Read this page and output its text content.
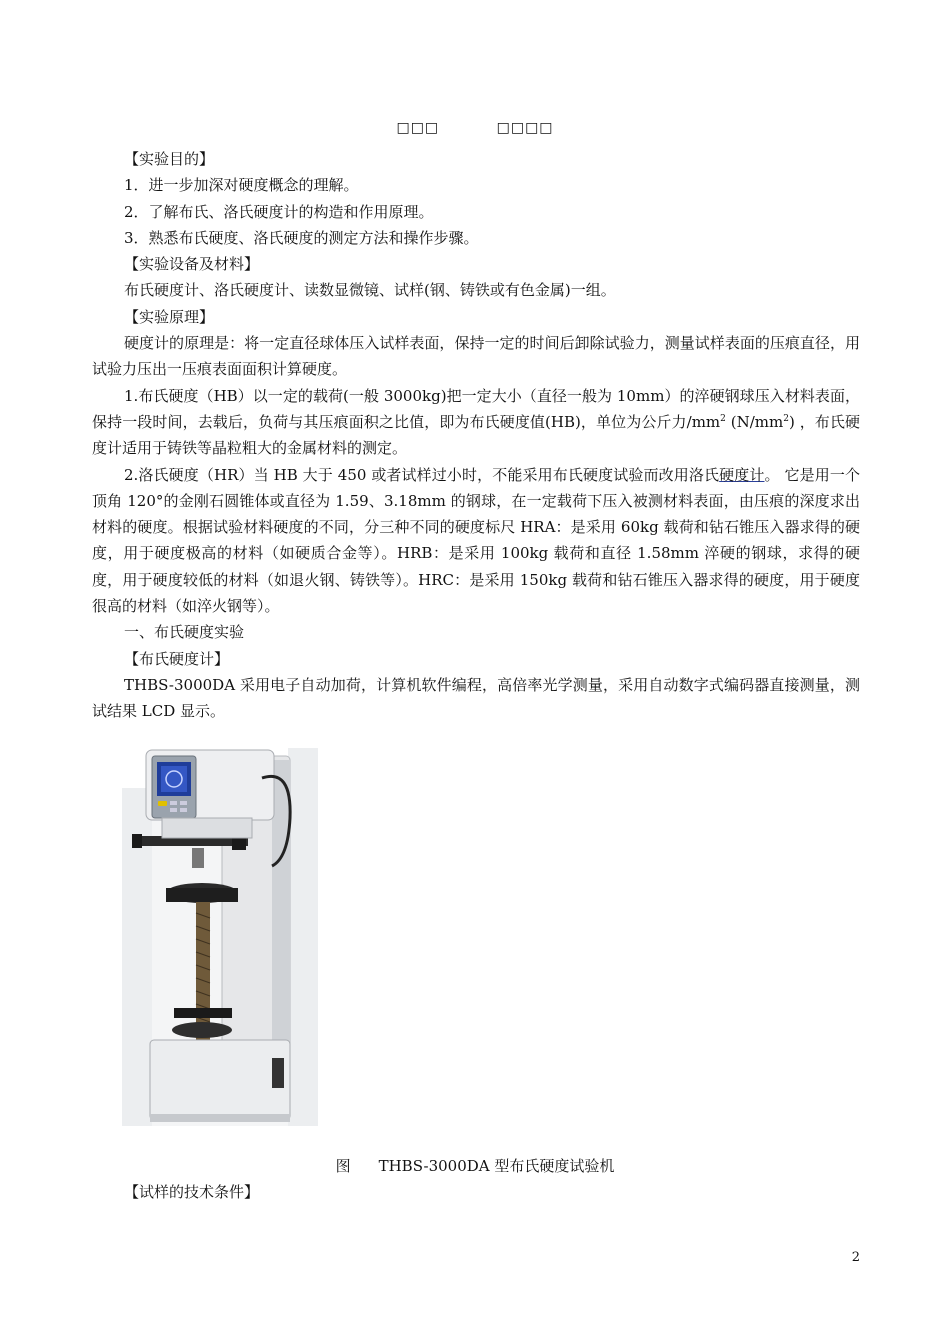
□□□	□□□□

【实验目的】

1．进一步加深对硬度概念的理解。

2．了解布氏、洛氏硬度计的构造和作用原理。

3．熟悉布氏硬度、洛氏硬度的测定方法和操作步骤。

【实验设备及材料】

布氏硬度计、洛氏硬度计、读数显微镜、试样(钢、铸铁或有色金属)一组。

【实验原理】

硬度计的原理是：将一定直径球体压入试样表面，保持一定的时间后卸除试验力，测量试样表面的压痕直径，用试验力压出一压痕表面面积计算硬度。

1.布氏硬度（HB）以一定的载荷(一般 3000kg)把一定大小（直径一般为 10mm）的淬硬钢球压入材料表面，保持一段时间，去载后，负荷与其压痕面积之比值，即为布氏硬度值(HB)，单位为公斤力$/mm^2$ $(N/mm^2)$ ，布氏硬度计适用于铸铁等晶粒粗大的金属材料的测定。

2.洛氏硬度（HR）当 HB 大于 450 或者试样过小时，不能采用布氏硬度试验而改用洛氏硬度计。 它是用一个顶角 120°的金刚石圆锥体或直径为 1.59、3.18mm 的钢球，在一定载荷下压入被测材料表面，由压痕的深度求出材料的硬度。根据试验材料硬度的不同，分三种不同的硬度标尺 HRA：是采用 60kg 载荷和钻石锥压入器求得的硬度，用于硬度极高的材料（如硬质合金等）。HRB：是采用 100kg 载荷和直径 1.58mm 淬硬的钢球，求得的硬度，用于硬度较低的材料（如退火钢、铸铁等）。HRC：是采用 150kg 载荷和钻石锥压入器求得的硬度，用于硬度很高的材料（如淬火钢等）。

一、布氏硬度实验

【布氏硬度计】

THBS-3000DA 采用电子自动加荷，计算机软件编程，高倍率光学测量，采用自动数字式编码器直接测量，测试结果 LCD 显示。

图 THBS-3000DA 型布氏硬度试验机
【试样的技术条件】
2
